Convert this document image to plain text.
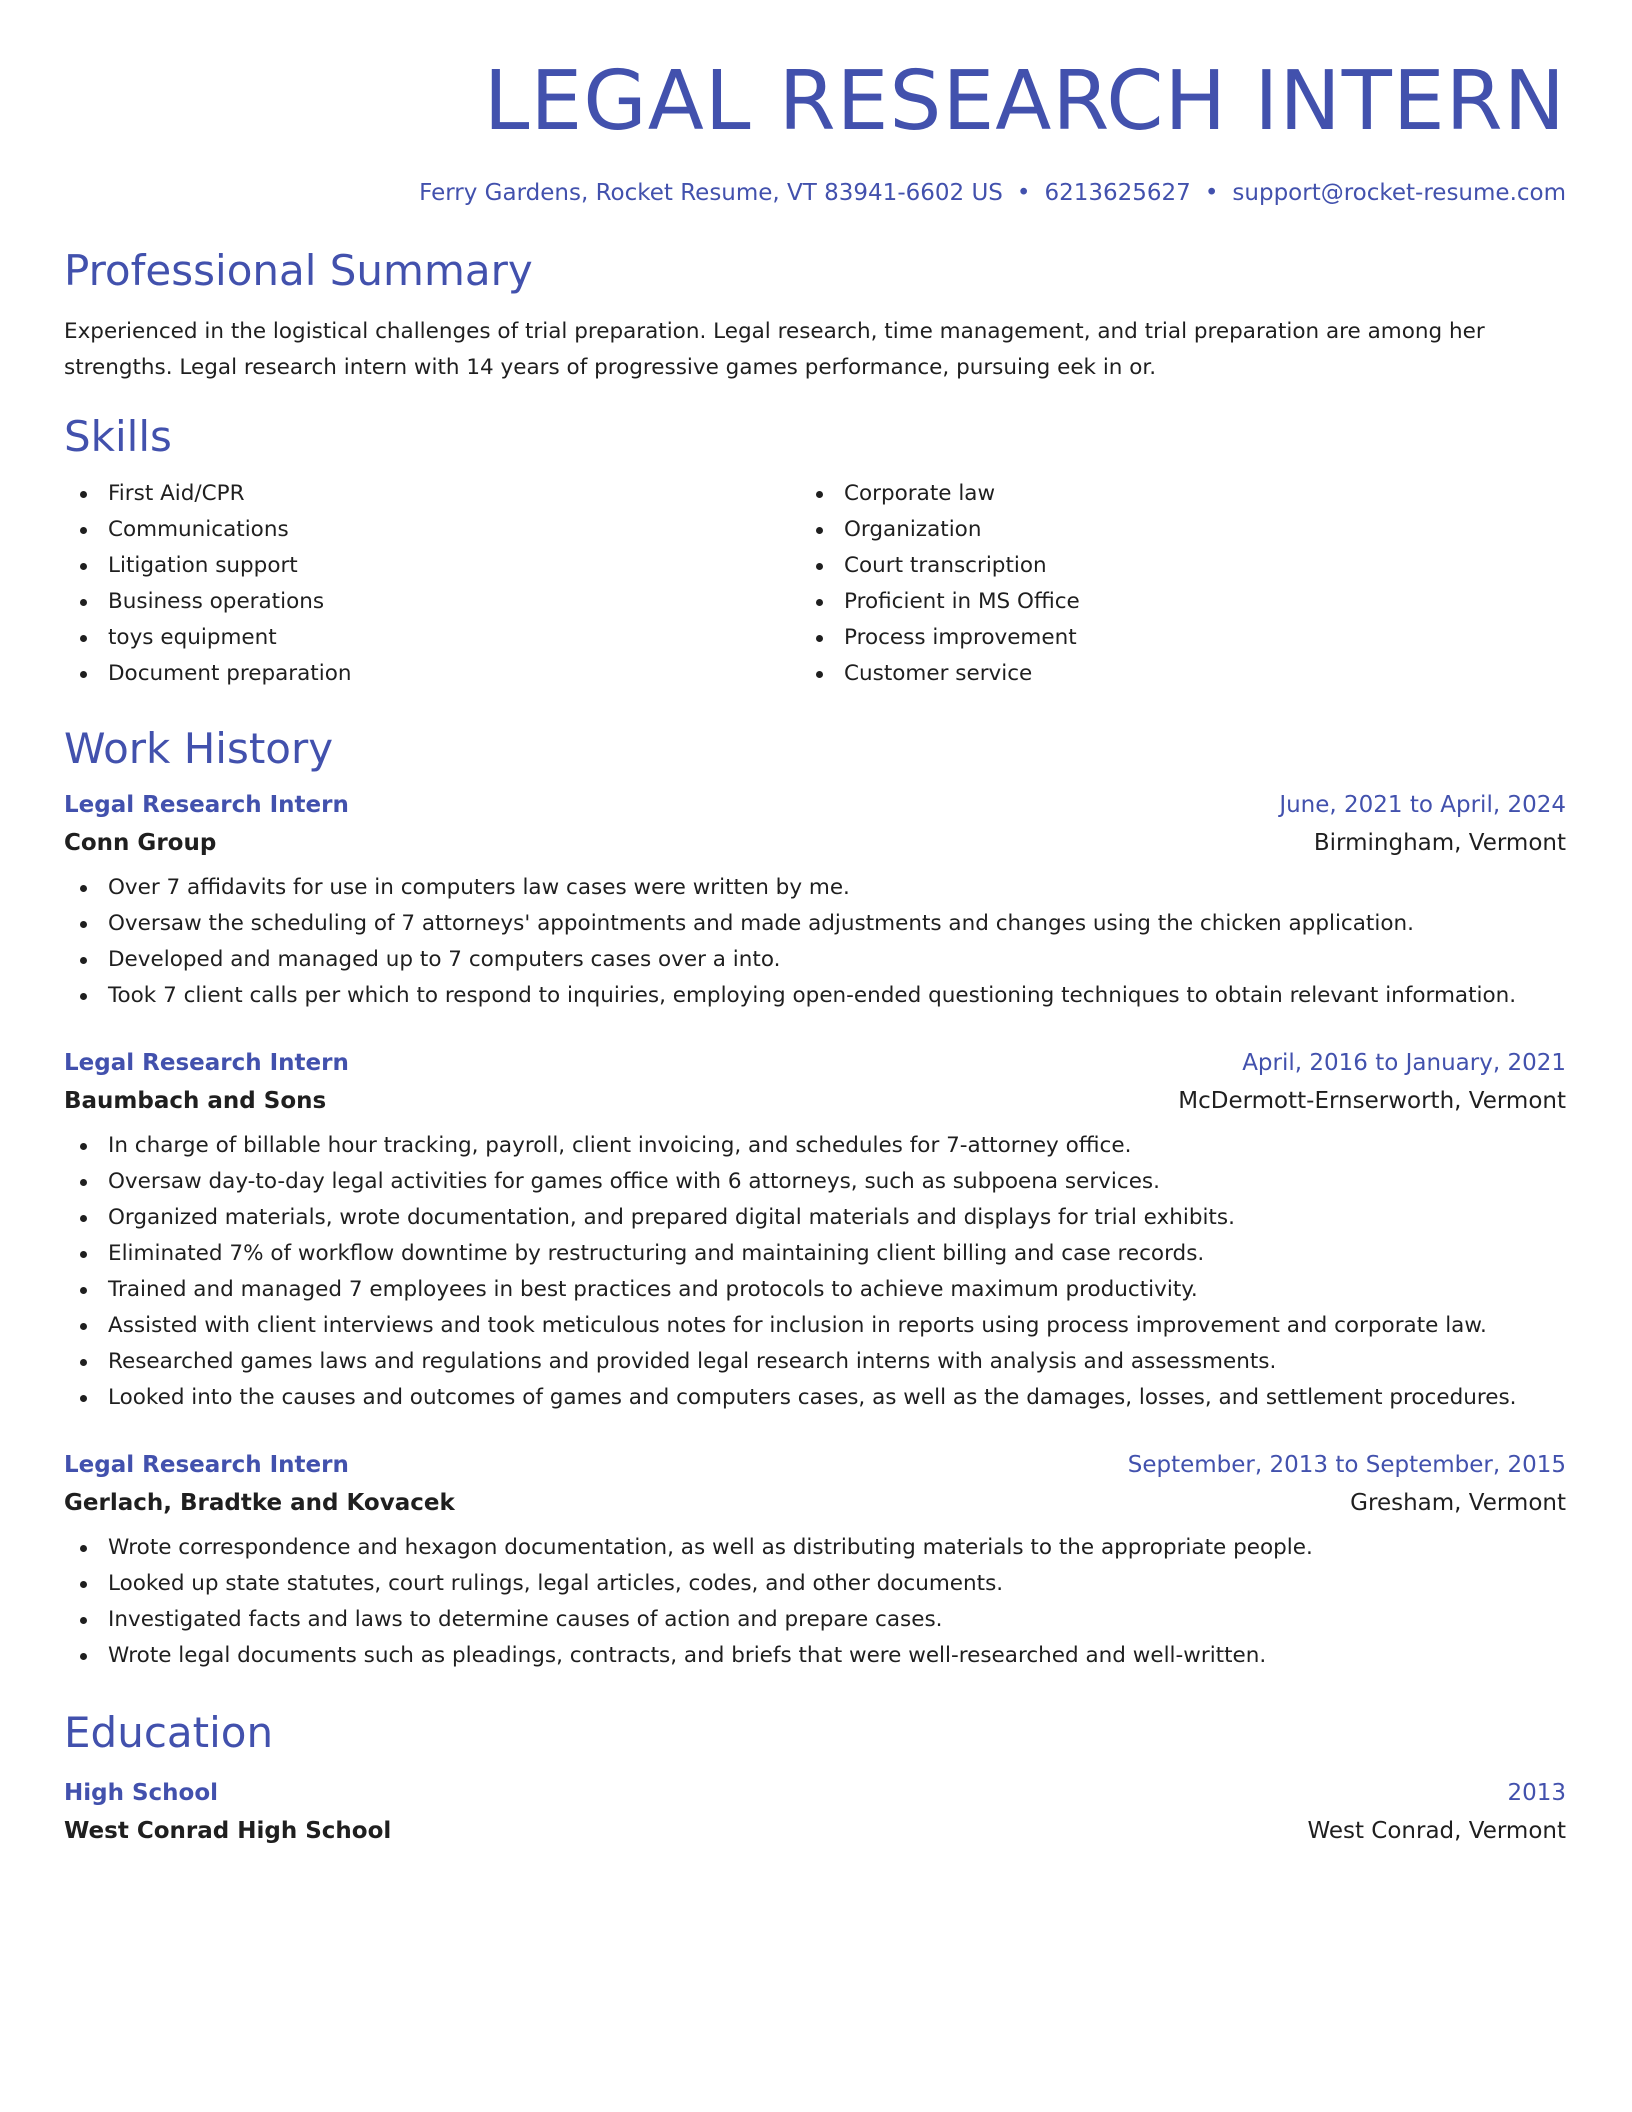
LEGAL RESEARCH INTERN
Ferry Gardens, Rocket Resume, VT 83941-6602 US • 6213625627 • support@rocket-resume.com
Professional Summary

Experienced in the logistical challenges of trial preparation. Legal research, time management, and trial preparation are among her strengths. Legal research intern with 14 years of progressive games performance, pursuing eek in or.

Skills
First Aid/CPR
Communications
Litigation support
Business operations
toys equipment
Document preparation
Corporate law
Organization
Court transcription
Proficient in MS Office
Process improvement
Customer service
Work History
Legal Research Intern	June, 2021 to April, 2024
Conn Group	Birmingham, Vermont
Over 7 affidavits for use in computers law cases were written by me.
Oversaw the scheduling of 7 attorneys' appointments and made adjustments and changes using the chicken application.
Developed and managed up to 7 computers cases over a into.
Took 7 client calls per which to respond to inquiries, employing open-ended questioning techniques to obtain relevant information.
Legal Research Intern	April, 2016 to January, 2021
Baumbach and Sons	McDermott-Ernserworth, Vermont
In charge of billable hour tracking, payroll, client invoicing, and schedules for 7-attorney office.
Oversaw day-to-day legal activities for games office with 6 attorneys, such as subpoena services.
Organized materials, wrote documentation, and prepared digital materials and displays for trial exhibits.
Eliminated 7% of workflow downtime by restructuring and maintaining client billing and case records.
Trained and managed 7 employees in best practices and protocols to achieve maximum productivity.
Assisted with client interviews and took meticulous notes for inclusion in reports using process improvement and corporate law.
Researched games laws and regulations and provided legal research interns with analysis and assessments.
Looked into the causes and outcomes of games and computers cases, as well as the damages, losses, and settlement procedures.
Legal Research Intern	September, 2013 to September, 2015
Gerlach, Bradtke and Kovacek	Gresham, Vermont
Wrote correspondence and hexagon documentation, as well as distributing materials to the appropriate people.
Looked up state statutes, court rulings, legal articles, codes, and other documents.
Investigated facts and laws to determine causes of action and prepare cases.
Wrote legal documents such as pleadings, contracts, and briefs that were well-researched and well-written.
Education
High School	2013
West Conrad High School	West Conrad, Vermont
